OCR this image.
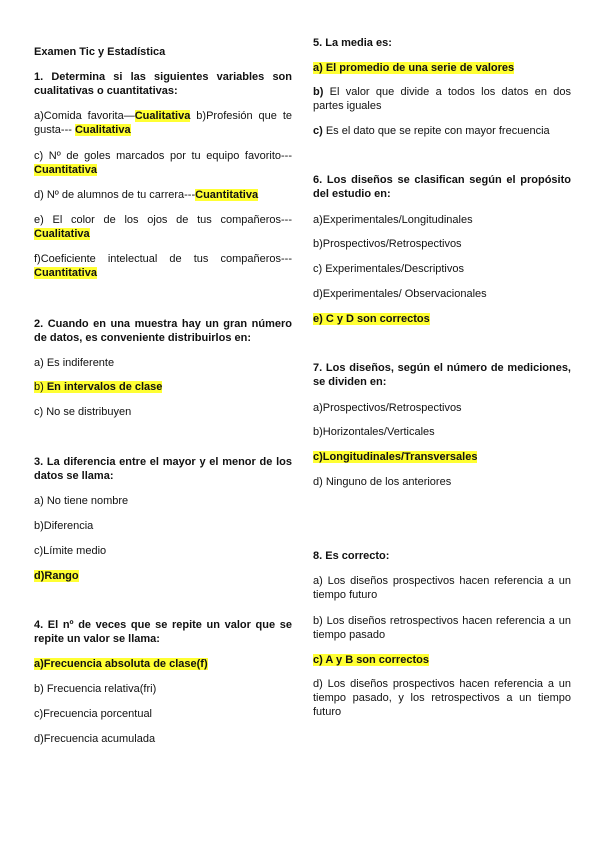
Examen Tic y Estadística

1. Determina si las siguientes variables son cualitativas o cuantitativas:

a)Comida favorita—Cualitativa b)Profesión que te gusta--- Cualitativa

c) Nº de goles marcados por tu equipo favorito---Cuantitativa

d) Nº de alumnos de tu carrera---Cuantitativa

e) El color de los ojos de tus compañeros---Cualitativa

f)Coeficiente intelectual de tus compañeros---Cuantitativa

2. Cuando en una muestra hay un gran número de datos, es conveniente distribuirlos en:

a) Es indiferente

b) En intervalos de clase

c) No se distribuyen

3. La diferencia entre el mayor y el menor de los datos se llama:

a) No tiene nombre

b)Diferencia

c)Límite medio

d)Rango

4. El nº de veces que se repite un valor que se repite un valor se llama:

a)Frecuencia absoluta de clase(f)

b) Frecuencia relativa(fri)

c)Frecuencia porcentual

d)Frecuencia acumulada

5. La media es:

a) El promedio de una serie de valores

b) El valor que divide a todos los datos en dos partes iguales

c) Es el dato que se repite con mayor frecuencia

6. Los diseños se clasifican según el propósito del estudio en:

a)Experimentales/Longitudinales

b)Prospectivos/Retrospectivos

c) Experimentales/Descriptivos

d)Experimentales/ Observacionales

e) C y D son correctos

7. Los diseños, según el número de mediciones, se dividen en:

a)Prospectivos/Retrospectivos

b)Horizontales/Verticales

c)Longitudinales/Transversales

d) Ninguno de los anteriores

8. Es correcto:

a) Los diseños prospectivos hacen referencia a un tiempo futuro

b) Los diseños retrospectivos hacen referencia a un tiempo pasado

c) A y B son correctos

d) Los diseños prospectivos hacen referencia a un tiempo pasado, y los retrospectivos a un tiempo futuro
